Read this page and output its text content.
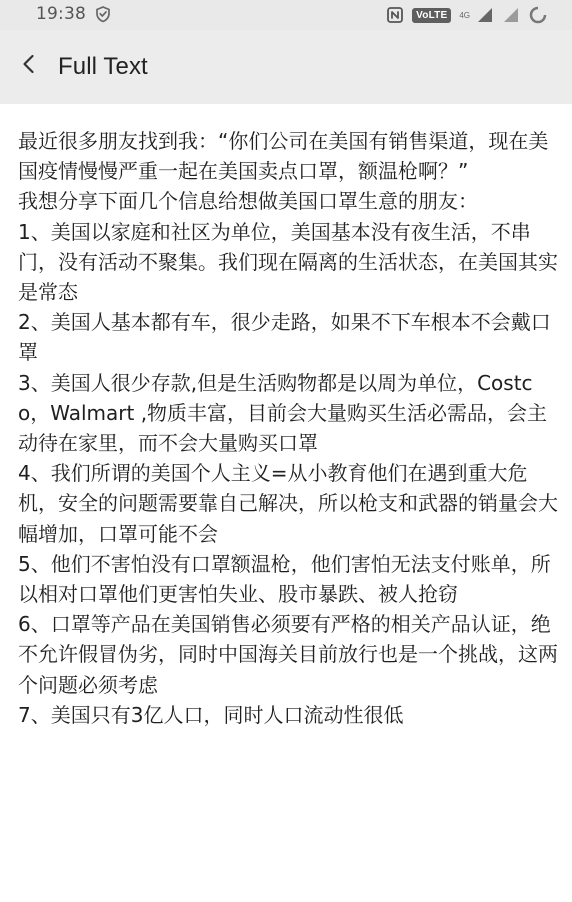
19:38	VoLTE	4G
Full Text

最近很多朋友找到我：“你们公司在美国有销售渠道，现在美国疫情慢慢严重一起在美国卖点口罩，额温枪啊？”

我想分享下面几个信息给想做美国口罩生意的朋友：

1、美国以家庭和社区为单位，美国基本没有夜生活，不串门，没有活动不聚集。我们现在隔离的生活状态，在美国其实是常态

2、美国人基本都有车，很少走路，如果不下车根本不会戴口罩

3、美国人很少存款,但是生活购物都是以周为单位，Costco，Walmart ,物质丰富，目前会大量购买生活必需品，会主动待在家里，而不会大量购买口罩

4、我们所谓的美国个人主义=从小教育他们在遇到重大危机，安全的问题需要靠自己解决，所以枪支和武器的销量会大幅增加，口罩可能不会

5、他们不害怕没有口罩额温枪，他们害怕无法支付账单，所以相对口罩他们更害怕失业、股市暴跌、被人抢窃

6、口罩等产品在美国销售必须要有严格的相关产品认证，绝不允许假冒伪劣，同时中国海关目前放行也是一个挑战，这两个问题必须考虑

7、美国只有3亿人口，同时人口流动性很低
